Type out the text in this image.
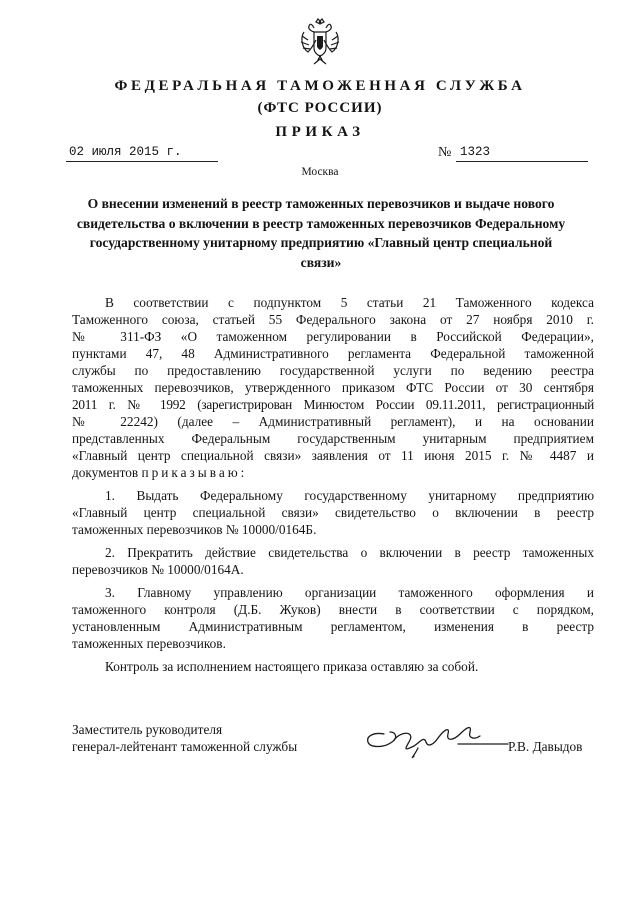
ФЕДЕРАЛЬНАЯ ТАМОЖЕННАЯ СЛУЖБА
(ФТС РОССИИ)
ПРИКАЗ
02 июля 2015 г.	№ 1323
Москва
О внесении изменений в реестр таможенных перевозчиков и выдаче нового свидетельства о включении в реестр таможенных перевозчиков Федеральному государственному унитарному предприятию «Главный центр специальной связи»
В соответствии с подпунктом 5 статьи 21 Таможенного кодекса
Таможенного союза, статьей 55 Федерального закона от 27 ноября 2010 г.
№ 311-ФЗ «О таможенном регулировании в Российской Федерации»,
пунктами 47, 48 Административного регламента Федеральной таможенной
службы по предоставлению государственной услуги по ведению реестра
таможенных перевозчиков, утвержденного приказом ФТС России от 30 сентября
2011 г. № 1992 (зарегистрирован Минюстом России 09.11.2011, регистрационный
№ 22242) (далее – Административный регламент), и на основании
представленных Федеральным государственным унитарным предприятием
«Главный центр специальной связи» заявления от 11 июня 2015 г. № 4487 и
документов приказываю:
1. Выдать Федеральному государственному унитарному предприятию
«Главный центр специальной связи» свидетельство о включении в реестр
таможенных перевозчиков № 10000/0164Б.
2. Прекратить действие свидетельства о включении в реестр таможенных
перевозчиков № 10000/0164А.
3. Главному управлению организации таможенного оформления и
таможенного контроля (Д.Б. Жуков) внести в соответствии с порядком,
установленным Административным регламентом, изменения в реестр
таможенных перевозчиков.
Контроль за исполнением настоящего приказа оставляю за собой.
Заместитель руководителя
генерал-лейтенант таможенной службы	Р.В. Давыдов
